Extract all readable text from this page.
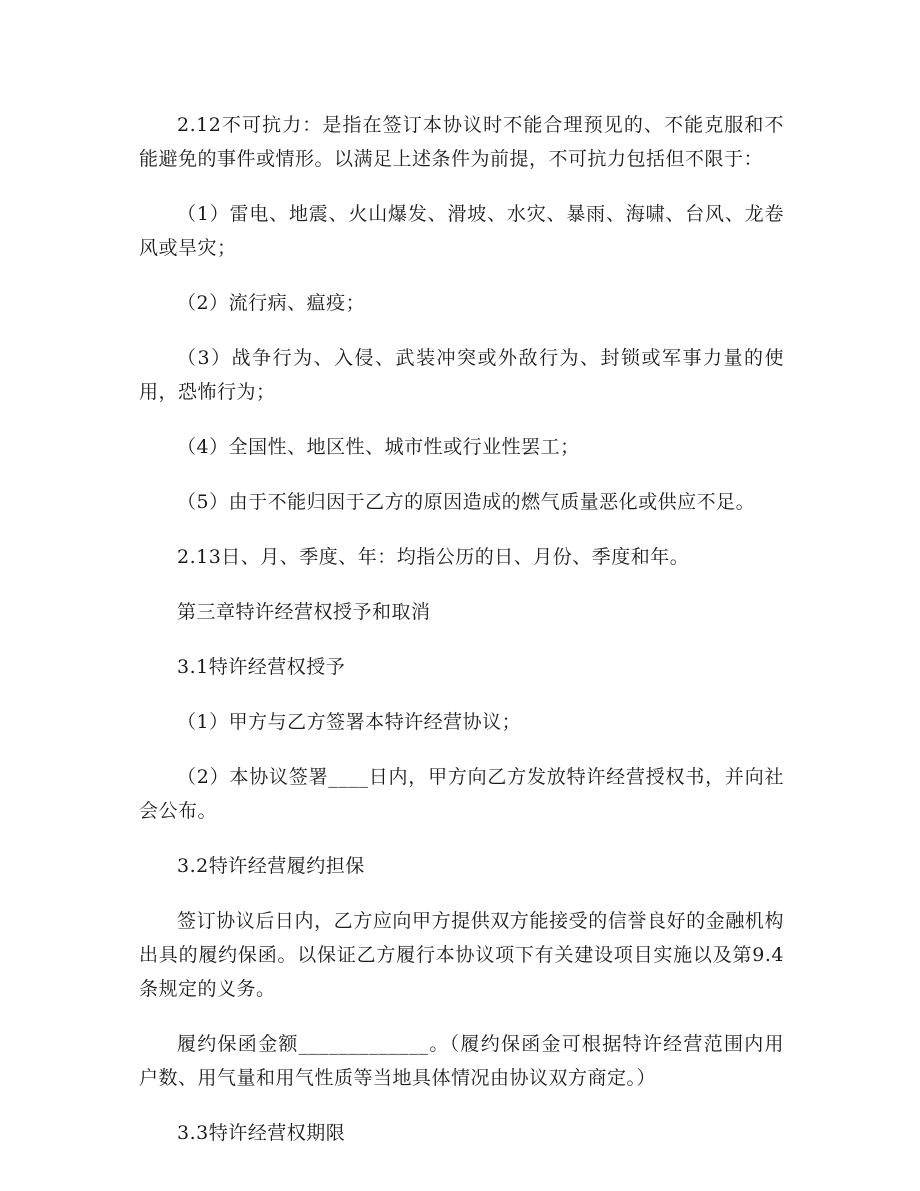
2.12不可抗力：是指在签订本协议时不能合理预见的、不能克服和不能避免的事件或情形。以满足上述条件为前提，不可抗力包括但不限于：

（1）雷电、地震、火山爆发、滑坡、水灾、暴雨、海啸、台风、龙卷风或旱灾；

（2）流行病、瘟疫；

（3）战争行为、入侵、武装冲突或外敌行为、封锁或军事力量的使用，恐怖行为；

（4）全国性、地区性、城市性或行业性罢工；

（5）由于不能归因于乙方的原因造成的燃气质量恶化或供应不足。

2.13日、月、季度、年：均指公历的日、月份、季度和年。

第三章特许经营权授予和取消

3.1特许经营权授予

（1）甲方与乙方签署本特许经营协议；

（2）本协议签署____日内，甲方向乙方发放特许经营授权书，并向社会公布。

3.2特许经营履约担保

签订协议后日内，乙方应向甲方提供双方能接受的信誉良好的金融机构出具的履约保函。以保证乙方履行本协议项下有关建设项目实施以及第9.4条规定的义务。

履约保函金额_____________。（履约保函金可根据特许经营范围内用户数、用气量和用气性质等当地具体情况由协议双方商定。）

3.3特许经营权期限
